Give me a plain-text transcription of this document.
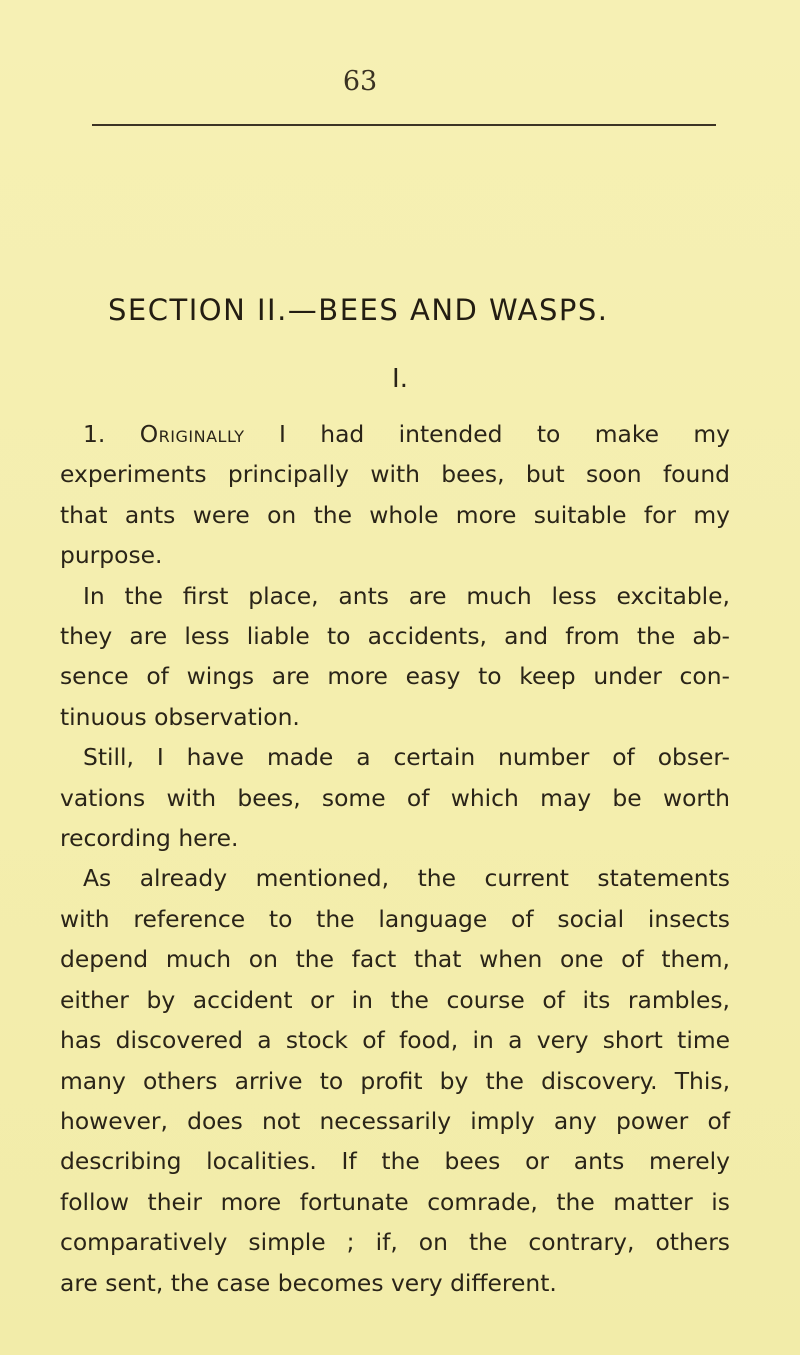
63
SECTION II.—BEES AND WASPS.
I.
1. Originally I had intended to make my
experiments principally with bees, but soon found
that ants were on the whole more suitable for my
purpose.
In the first place, ants are much less excitable,
they are less liable to accidents, and from the ab-
sence of wings are more easy to keep under con-
tinuous observation.
Still, I have made a certain number of obser-
vations with bees, some of which may be worth
recording here.
As already mentioned, the current statements
with reference to the language of social insects
depend much on the fact that when one of them,
either by accident or in the course of its rambles,
has discovered a stock of food, in a very short time
many others arrive to profit by the discovery. This,
however, does not necessarily imply any power of
describing localities. If the bees or ants merely
follow their more fortunate comrade, the matter is
comparatively simple ; if, on the contrary, others
are sent, the case becomes very different.
